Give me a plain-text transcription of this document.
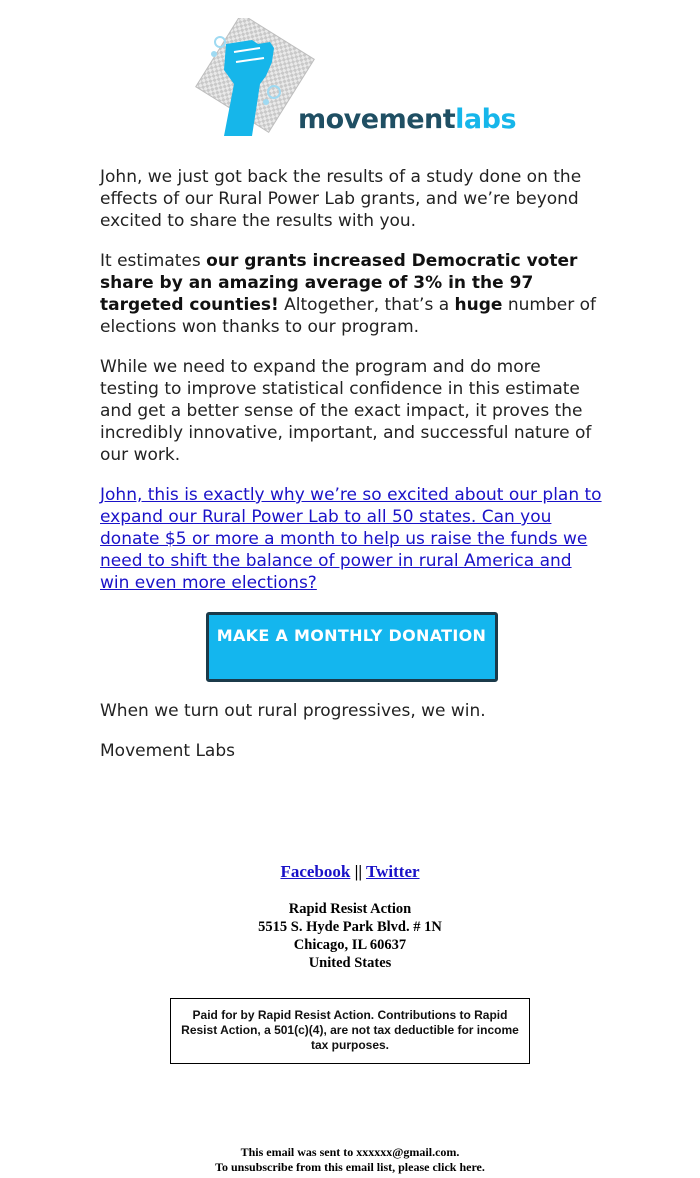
movementlabs

John, we just got back the results of a study done on the effects of our Rural Power Lab grants, and we’re beyond excited to share the results with you.

It estimates our grants increased Democratic voter share by an amazing average of 3% in the 97 targeted counties! Altogether, that’s a huge number of elections won thanks to our program.

While we need to expand the program and do more testing to improve statistical confidence in this estimate and get a better sense of the exact impact, it proves the incredibly innovative, important, and successful nature of our work.

John, this is exactly why we’re so excited about our plan to expand our Rural Power Lab to all 50 states. Can you donate $5 or more a month to help us raise the funds we need to shift the balance of power in rural America and win even more elections?

MAKE A MONTHLY DONATION

When we turn out rural progressives, we win.

Movement Labs

Facebook || Twitter
Rapid Resist Action
5515 S. Hyde Park Blvd. # 1N
Chicago, IL 60637
United States
Paid for by Rapid Resist Action. Contributions to Rapid Resist Action, a 501(c)(4), are not tax deductible for income tax purposes.
This email was sent to xxxxxx@gmail.com.
To unsubscribe from this email list, please click here.
